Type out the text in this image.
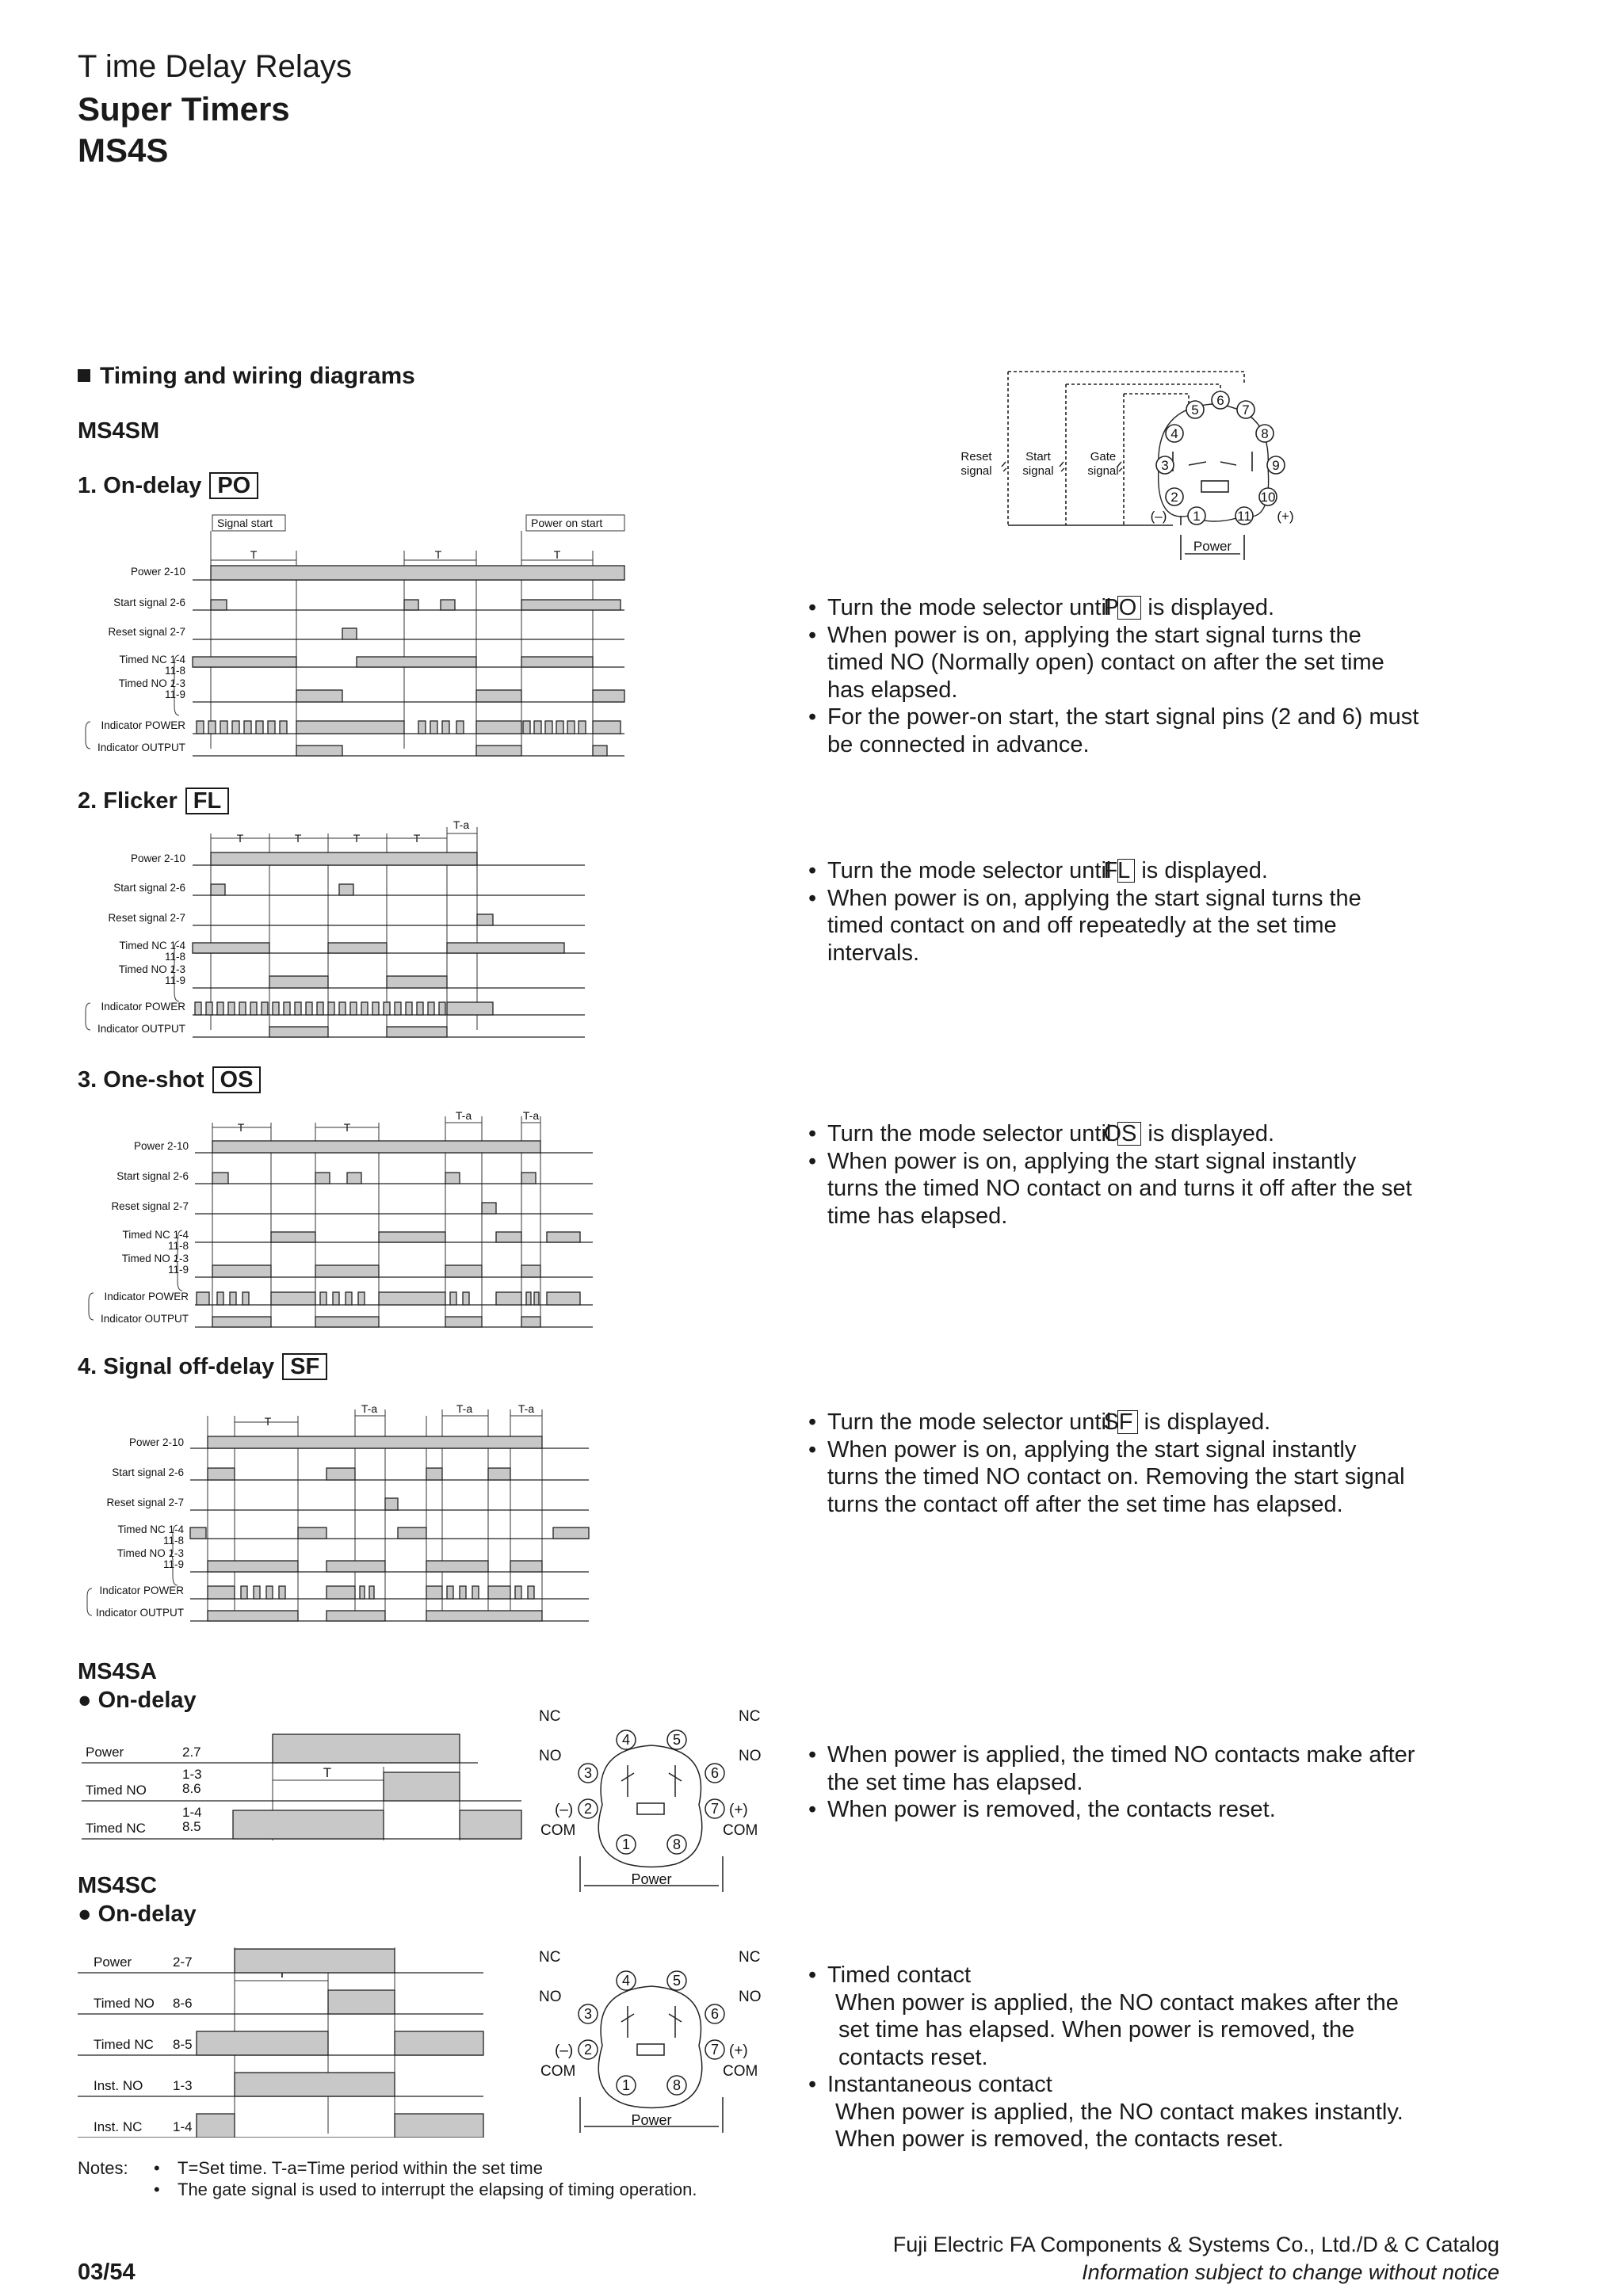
T ime Delay Relays
Super Timers
MS4S
Timing and wiring diagrams
MS4SM
6
7
5
4	8
3	9
2	10
1	11
(–)	(+)
Power
Reset
signal
Start
signal
Gate
signal
1. On-delay PO
Signal start	Power on start
Power 2-10
Start signal 2-6
Reset signal 2-7
Timed NC 1-4
11-8
Timed NO 1-3
11-9
Indicator POWER
Indicator OUTPUT
T	T	T
• Turn the mode selector until PO is displayed.
• When power is on, applying the start signal turns the
timed NO (Normally open) contact on after the set time
has elapsed.
• For the power-on start, the start signal pins (2 and 6) must
be connected in advance.
2. Flicker FL
Power 2-10
Start signal 2-6
Reset signal 2-7
Timed NC 1-4
11-8
Timed NO 1-3
11-9
Indicator POWER
Indicator OUTPUT
T	T	T	T
T-a
• Turn the mode selector until FL is displayed.
• When power is on, applying the start signal turns the
timed contact on and off repeatedly at the set time
intervals.
3. One-shot OS
Power 2-10
Start signal 2-6
Reset signal 2-7
Timed NC 1-4
11-8
Timed NO 1-3
11-9
Indicator POWER
Indicator OUTPUT
T	T
T-a	T-a
• Turn the mode selector until OS is displayed.
• When power is on, applying the start signal instantly
turns the timed NO contact on and turns it off after the set
time has elapsed.
4. Signal off-delay SF
Power 2-10
Start signal 2-6
Reset signal 2-7
Timed NC 1-4
11-8
Timed NO 1-3
11-9
Indicator POWER
Indicator OUTPUT
T
T-a	T-a	T-a
• Turn the mode selector until SF is displayed.
• When power is on, applying the start signal instantly
turns the timed NO contact on. Removing the start signal
turns the contact off after the set time has elapsed.
MS4SA
● On-delay
Power	2.7
1-3
Timed NO	8.6
1-4
Timed NC	8.5
T
4	5
3	6
2	7
1	8
Power
NC	NC
NO	NO
(–)	(+)
COM	COM
• When power is applied, the timed NO contacts make after
the set time has elapsed.
• When power is removed, the contacts reset.
MS4SC
● On-delay
Power	2-7
Timed NO 8-6
Timed NC 8-5
Inst. NO 1-3
Inst. NC 1-4
4	5
3	6
2	7
1	8
Power
NC	NC
NO	NO
(–)	(+)
COM	COM
• Timed contact
When power is applied, the NO contact makes after the
set time has elapsed. When power is removed, the
contacts reset.
• Instantaneous contact
When power is applied, the NO contact makes instantly.
When power is removed, the contacts reset.
Notes: • T=Set time. T-a=Time period within the set time
• The gate signal is used to interrupt the elapsing of timing operation.
Fuji Electric FA Components & Systems Co., Ltd./D & C Catalog
Information subject to change without notice
03/54
